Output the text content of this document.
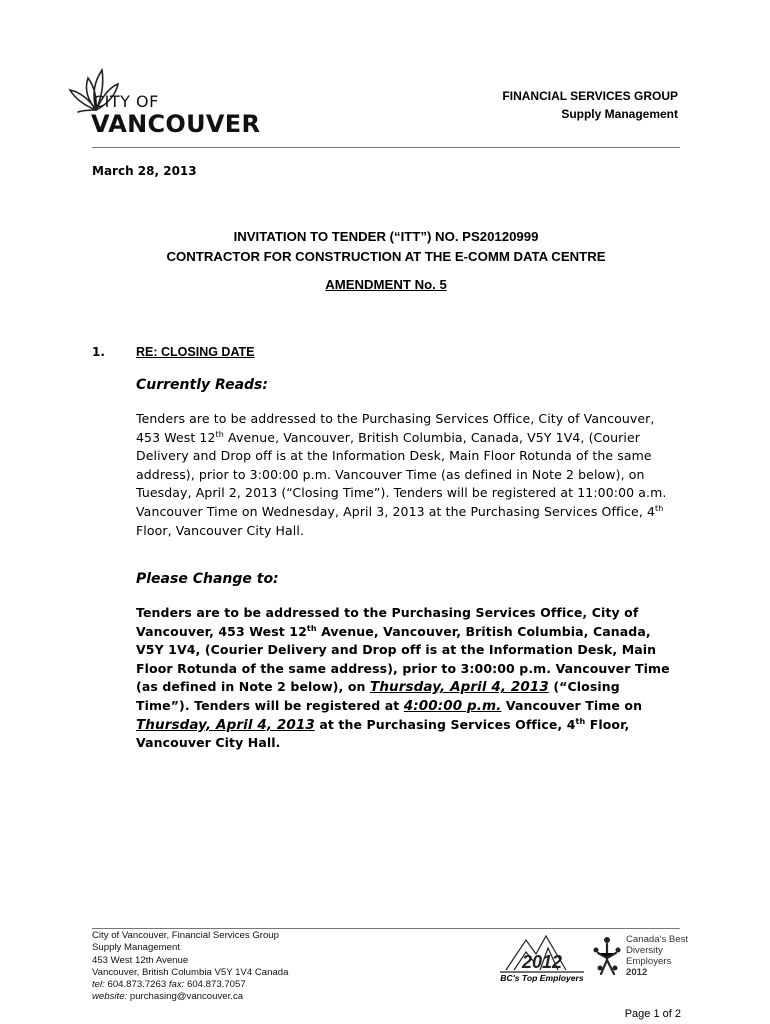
CITY OF
VANCOUVER
FINANCIAL SERVICES GROUP
Supply Management
March 28, 2013
INVITATION TO TENDER (“ITT”) NO. PS20120999
CONTRACTOR FOR CONSTRUCTION AT THE E-COMM DATA CENTRE
AMENDMENT No. 5
1. RE: CLOSING DATE
Currently Reads:
Tenders are to be addressed to the Purchasing Services Office, City of Vancouver, 453 West 12th Avenue, Vancouver, British Columbia, Canada, V5Y 1V4, (Courier Delivery and Drop off is at the Information Desk, Main Floor Rotunda of the same address), prior to 3:00:00 p.m. Vancouver Time (as defined in Note 2 below), on Tuesday, April 2, 2013 (“Closing Time”). Tenders will be registered at 11:00:00 a.m. Vancouver Time on Wednesday, April 3, 2013 at the Purchasing Services Office, 4th Floor, Vancouver City Hall.
Please Change to:
Tenders are to be addressed to the Purchasing Services Office, City of Vancouver, 453 West 12th Avenue, Vancouver, British Columbia, Canada, V5Y 1V4, (Courier Delivery and Drop off is at the Information Desk, Main Floor Rotunda of the same address), prior to 3:00:00 p.m. Vancouver Time (as defined in Note 2 below), on Thursday, April 4, 2013 (“Closing Time”). Tenders will be registered at 4:00:00 p.m. Vancouver Time on Thursday, April 4, 2013 at the Purchasing Services Office, 4th Floor, Vancouver City Hall.
City of Vancouver, Financial Services Group
Supply Management
453 West 12th Avenue
Vancouver, British Columbia V5Y 1V4 Canada
tel: 604.873.7263 fax: 604.873.7057
website: purchasing@vancouver.ca
2012
BC's Top Employers
Canada's Best
Diversity
Employers 2012
Page 1 of 2
